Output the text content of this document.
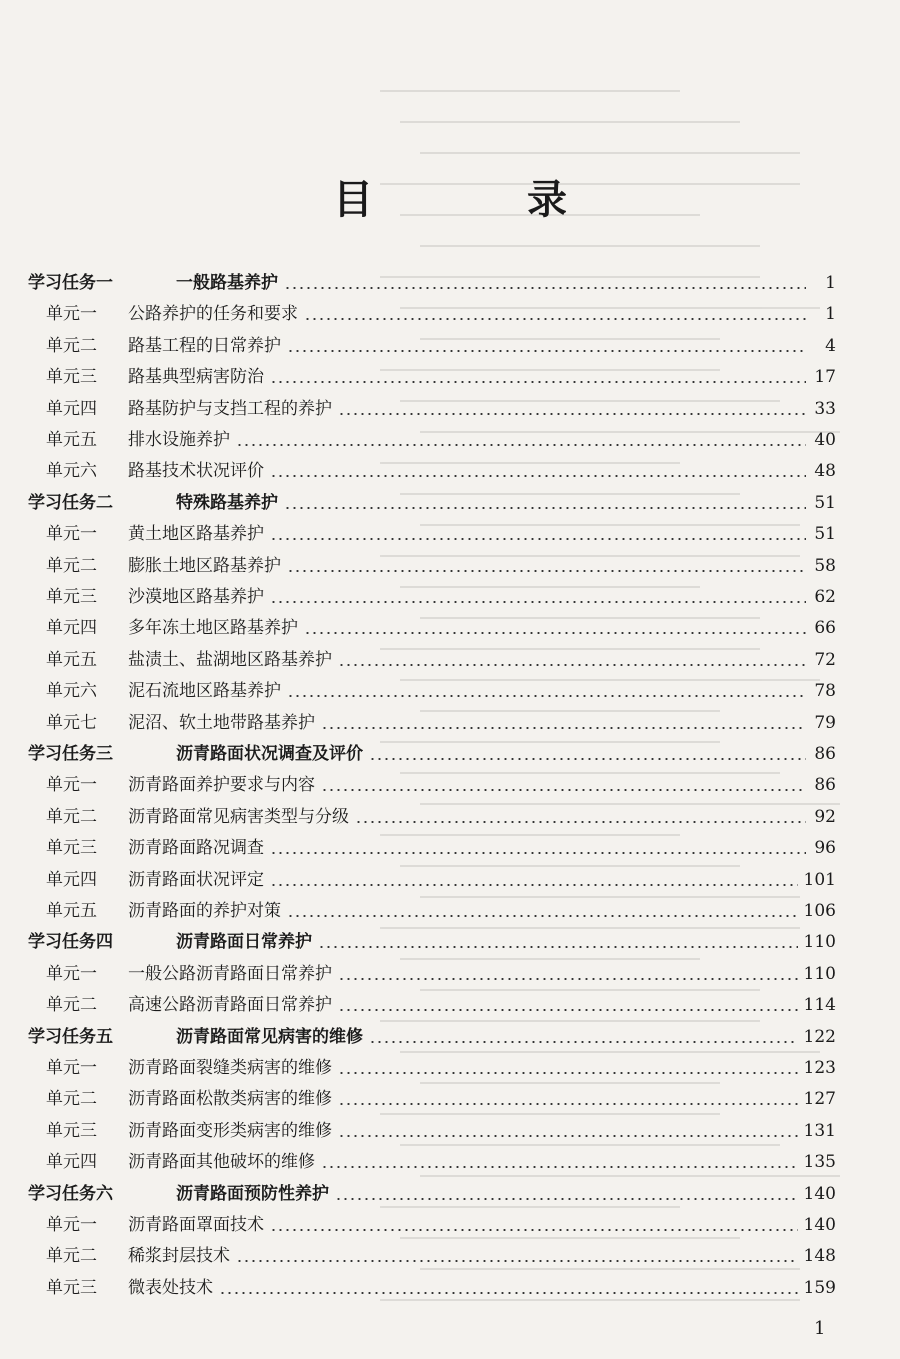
目 录
学习任务一	一般路基养护	1
单元一	公路养护的任务和要求	1
单元二	路基工程的日常养护	4
单元三	路基典型病害防治	17
单元四	路基防护与支挡工程的养护	33
单元五	排水设施养护	40
单元六	路基技术状况评价	48
学习任务二	特殊路基养护	51
单元一	黄土地区路基养护	51
单元二	膨胀土地区路基养护	58
单元三	沙漠地区路基养护	62
单元四	多年冻土地区路基养护	66
单元五	盐渍土、盐湖地区路基养护	72
单元六	泥石流地区路基养护	78
单元七	泥沼、软土地带路基养护	79
学习任务三	沥青路面状况调查及评价	86
单元一	沥青路面养护要求与内容	86
单元二	沥青路面常见病害类型与分级	92
单元三	沥青路面路况调查	96
单元四	沥青路面状况评定	101
单元五	沥青路面的养护对策	106
学习任务四	沥青路面日常养护	110
单元一	一般公路沥青路面日常养护	110
单元二	高速公路沥青路面日常养护	114
学习任务五	沥青路面常见病害的维修	122
单元一	沥青路面裂缝类病害的维修	123
单元二	沥青路面松散类病害的维修	127
单元三	沥青路面变形类病害的维修	131
单元四	沥青路面其他破坏的维修	135
学习任务六	沥青路面预防性养护	140
单元一	沥青路面罩面技术	140
单元二	稀浆封层技术	148
单元三	微表处技术	159
1
